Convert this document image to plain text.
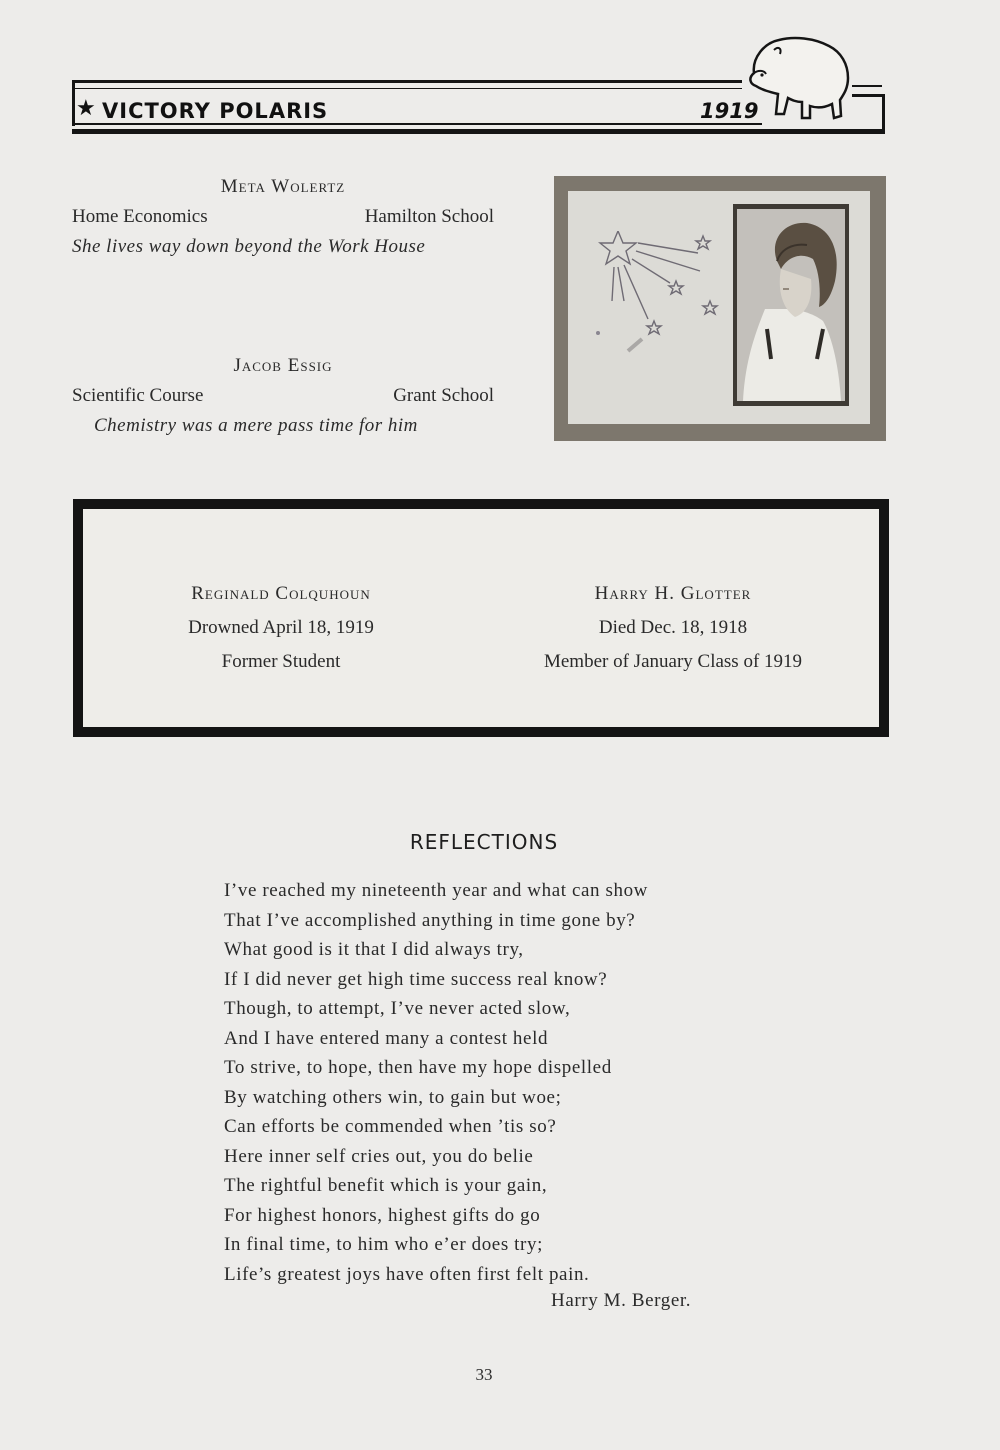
★ VICTORY POLARIS	1919
Meta Wolertz
Home Economics	Hamilton School
She lives way down beyond the Work House
Jacob Essig
Scientific Course	Grant School
Chemistry was a mere pass time for him
Reginald Colquhoun
Drowned April 18, 1919
Former Student
Harry H. Glotter
Died Dec. 18, 1918
Member of January Class of 1919
REFLECTIONS
I’ve reached my nineteenth year and what can show
That I’ve accomplished anything in time gone by?
What good is it that I did always try,
If I did never get high time success real know?
Though, to attempt, I’ve never acted slow,
And I have entered many a contest held
To strive, to hope, then have my hope dispelled
By watching others win, to gain but woe;
Can efforts be commended when ’tis so?
Here inner self cries out, you do belie
The rightful benefit which is your gain,
For highest honors, highest gifts do go
In final time, to him who e’er does try;
Life’s greatest joys have often first felt pain.
Harry M. Berger.
33
